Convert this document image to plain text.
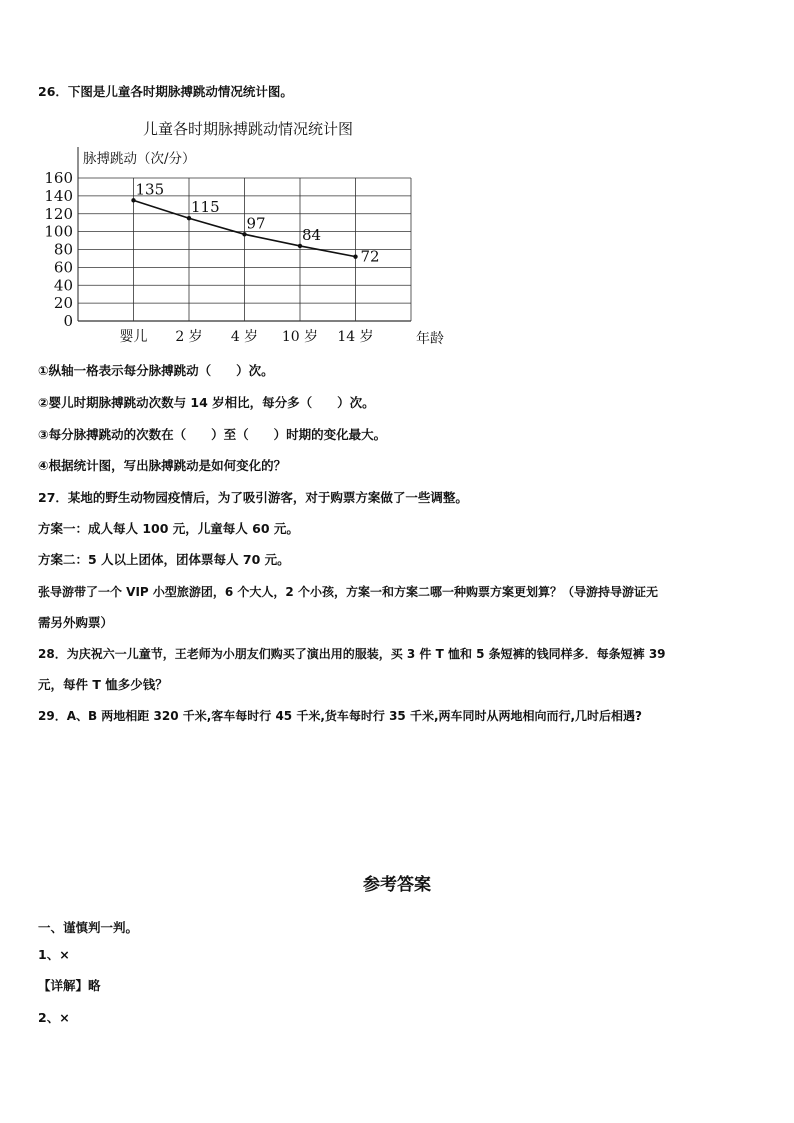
26．下图是儿童各时期脉搏跳动情况统计图。
儿童各时期脉搏跳动情况统计图
脉搏跳动（次/分）
0
20
40
60
80
100
120
140
160
婴儿 2 岁 4 岁 10 岁 14 岁	年龄
135
115
97
84
72
①纵轴一格表示每分脉搏跳动（　　）次。
②婴儿时期脉搏跳动次数与 14 岁相比，每分多（　　）次。
③每分脉搏跳动的次数在（　　）至（　　）时期的变化最大。
④根据统计图，写出脉搏跳动是如何变化的？
27．某地的野生动物园疫情后，为了吸引游客，对于购票方案做了一些调整。
方案一：成人每人 100 元，儿童每人 60 元。
方案二：5 人以上团体，团体票每人 70 元。
张导游带了一个 VIP 小型旅游团，6 个大人，2 个小孩，方案一和方案二哪一种购票方案更划算？（导游持导游证无
需另外购票）
28．为庆祝六一儿童节，王老师为小朋友们购买了演出用的服装，买 3 件 T 恤和 5 条短裤的钱同样多．每条短裤 39
元，每件 T 恤多少钱？
29．A、B 两地相距 320 千米,客车每时行 45 千米,货车每时行 35 千米,两车同时从两地相向而行,几时后相遇?
参考答案
一、谨慎判一判。
1、×
【详解】略
2、×
